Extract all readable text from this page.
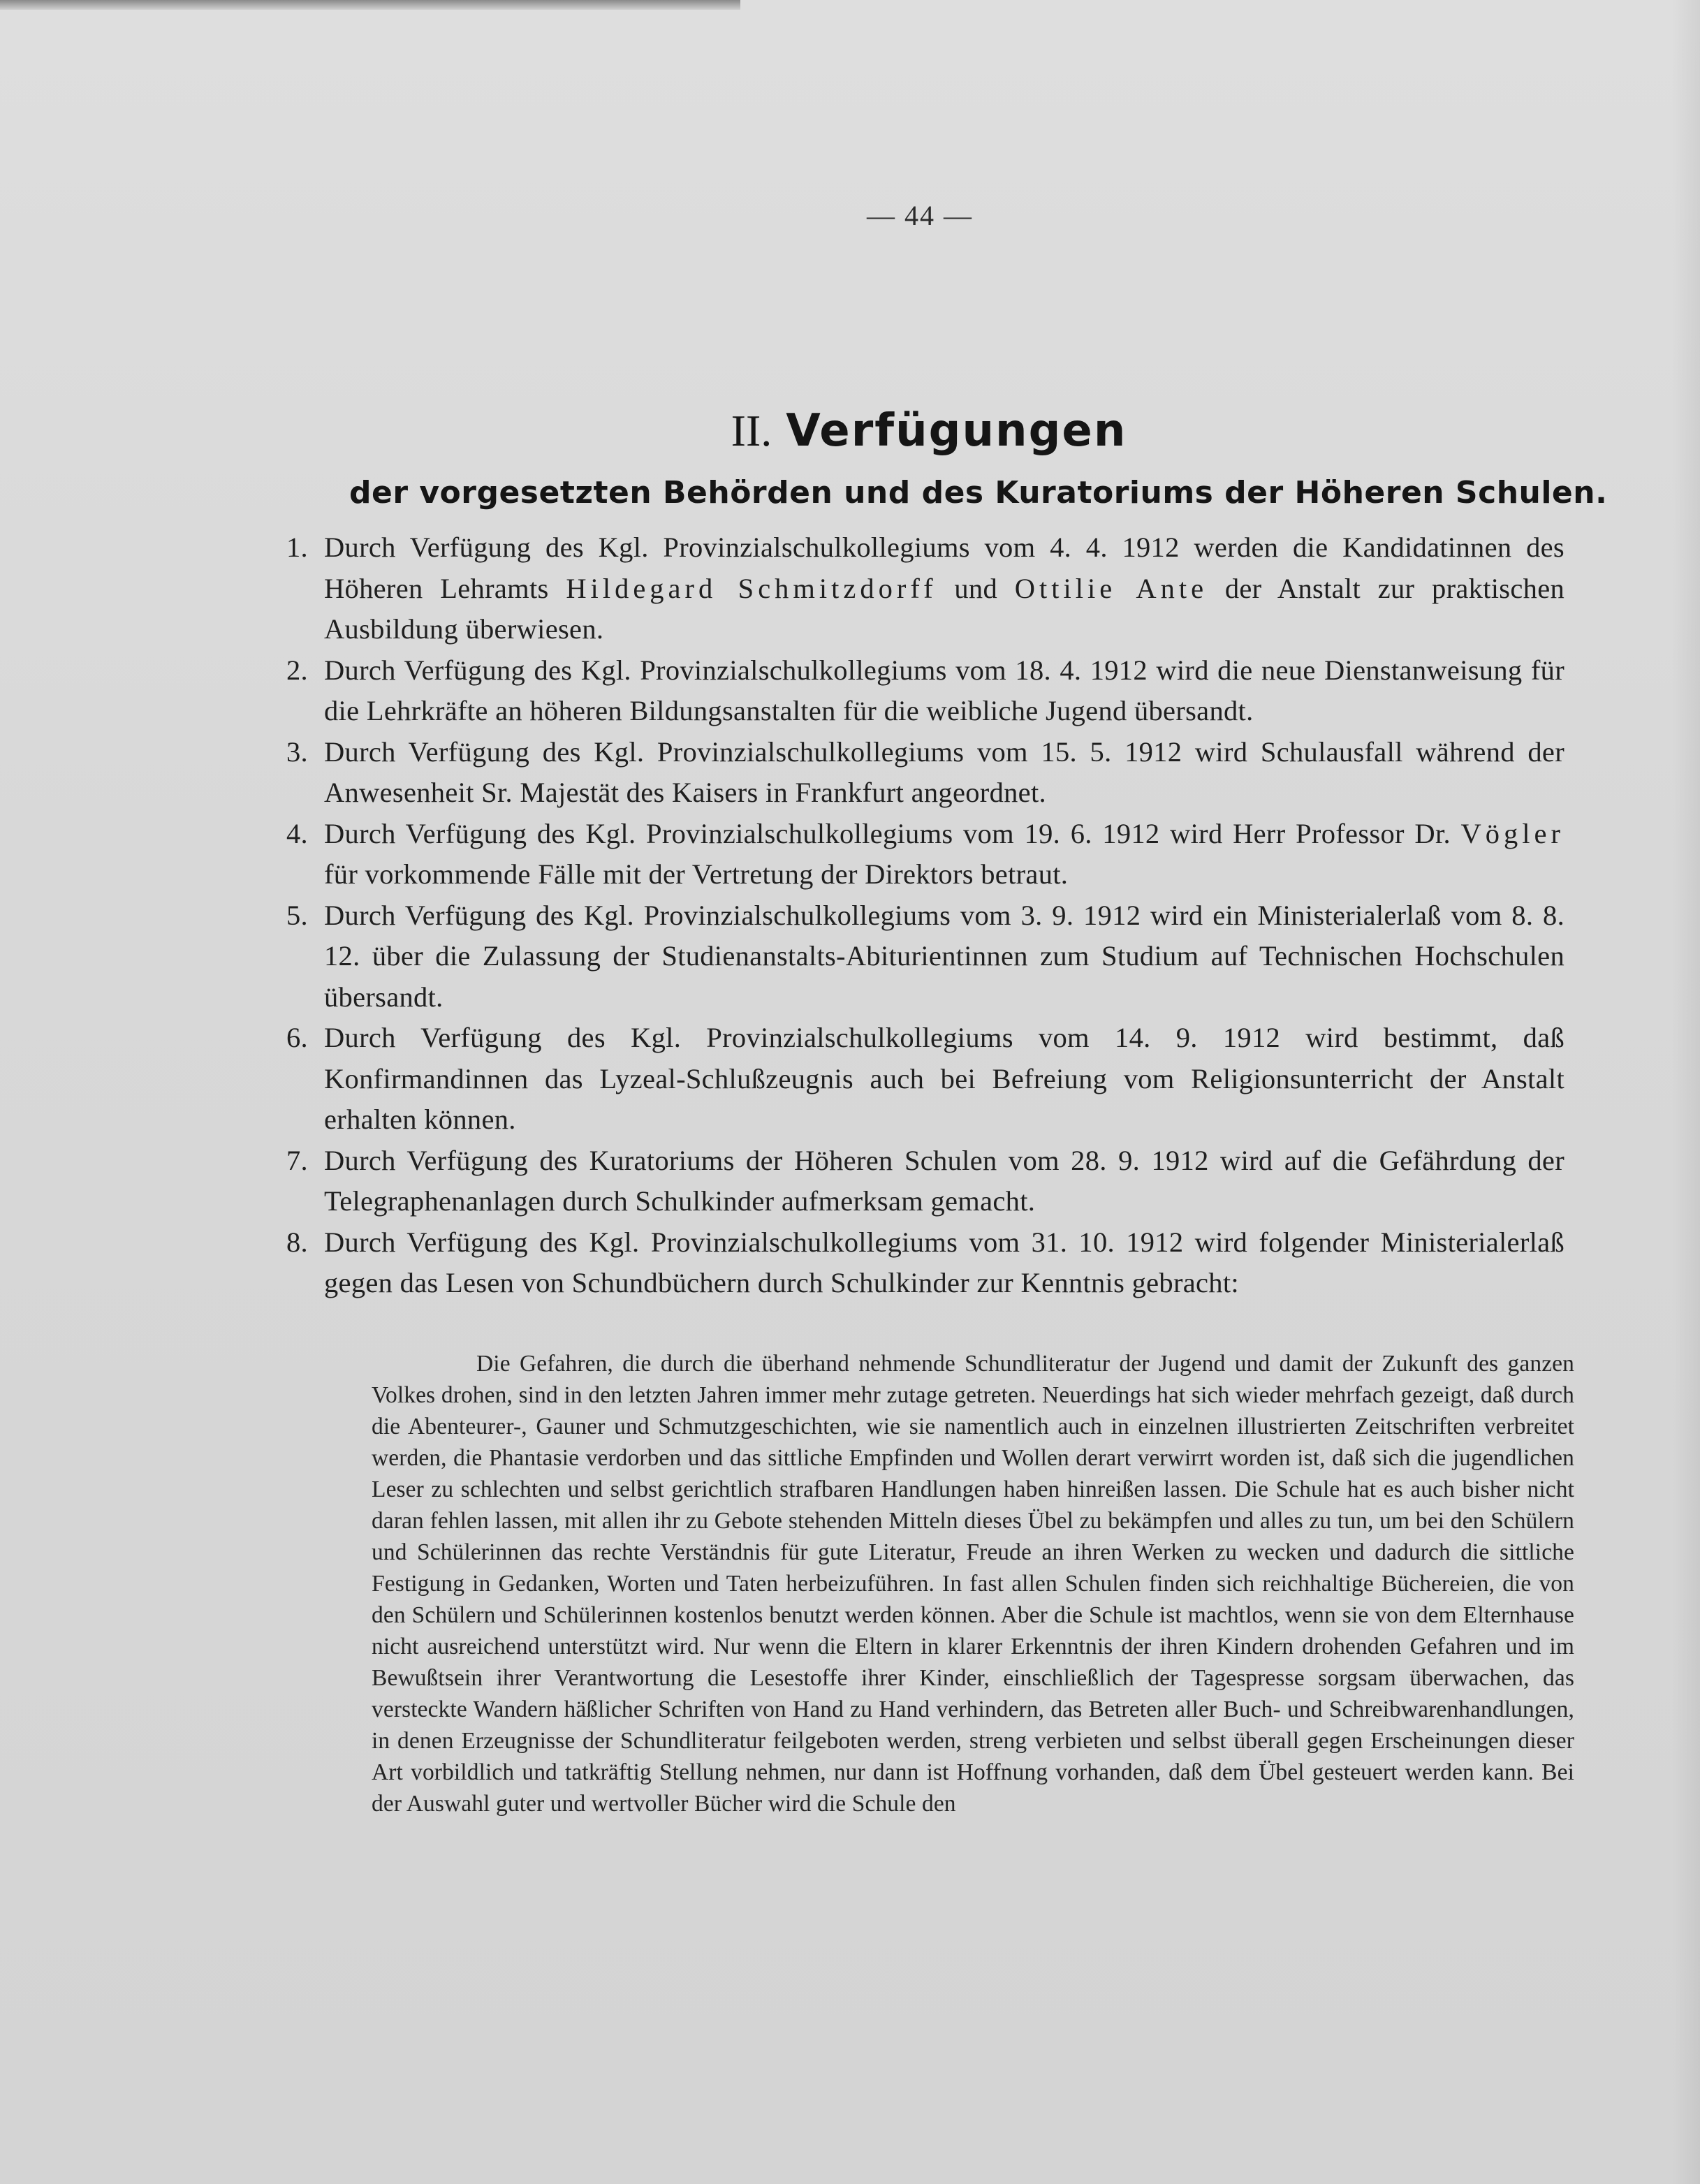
— 44 —
II. Verfügungen
der vorgesetzten Behörden und des Kuratoriums der Höheren Schulen.
1. Durch Verfügung des Kgl. Provinzialschulkollegiums vom 4. 4. 1912 werden die Kandidatinnen des Höheren Lehramts Hildegard Schmitzdorff und Ottilie Ante der Anstalt zur praktischen Ausbildung überwiesen.
2. Durch Verfügung des Kgl. Provinzialschulkollegiums vom 18. 4. 1912 wird die neue Dienstanweisung für die Lehrkräfte an höheren Bildungsanstalten für die weibliche Jugend übersandt.
3. Durch Verfügung des Kgl. Provinzialschulkollegiums vom 15. 5. 1912 wird Schulausfall während der Anwesenheit Sr. Majestät des Kaisers in Frankfurt angeordnet.
4. Durch Verfügung des Kgl. Provinzialschulkollegiums vom 19. 6. 1912 wird Herr Professor Dr. Vögler für vorkommende Fälle mit der Vertretung der Direktors betraut.
5. Durch Verfügung des Kgl. Provinzialschulkollegiums vom 3. 9. 1912 wird ein Ministerialerlaß vom 8. 8. 12. über die Zulassung der Studienanstalts-Abiturientinnen zum Studium auf Technischen Hochschulen übersandt.
6. Durch Verfügung des Kgl. Provinzialschulkollegiums vom 14. 9. 1912 wird bestimmt, daß Konfirmandinnen das Lyzeal-Schlußzeugnis auch bei Befreiung vom Religionsunterricht der Anstalt erhalten können.
7. Durch Verfügung des Kuratoriums der Höheren Schulen vom 28. 9. 1912 wird auf die Gefährdung der Telegraphenanlagen durch Schulkinder aufmerksam gemacht.
8. Durch Verfügung des Kgl. Provinzialschulkollegiums vom 31. 10. 1912 wird folgender Ministerialerlaß gegen das Lesen von Schundbüchern durch Schulkinder zur Kenntnis gebracht:
Die Gefahren, die durch die überhand nehmende Schundliteratur der Jugend und damit der Zukunft des ganzen Volkes drohen, sind in den letzten Jahren immer mehr zutage getreten. Neuerdings hat sich wieder mehrfach gezeigt, daß durch die Abenteurer-, Gauner und Schmutzgeschichten, wie sie namentlich auch in einzelnen illustrierten Zeitschriften verbreitet werden, die Phantasie verdorben und das sittliche Empfinden und Wollen derart verwirrt worden ist, daß sich die jugendlichen Leser zu schlechten und selbst gerichtlich strafbaren Handlungen haben hinreißen lassen. Die Schule hat es auch bisher nicht daran fehlen lassen, mit allen ihr zu Gebote stehenden Mitteln dieses Übel zu bekämpfen und alles zu tun, um bei den Schülern und Schülerinnen das rechte Verständnis für gute Literatur, Freude an ihren Werken zu wecken und dadurch die sittliche Festigung in Gedanken, Worten und Taten herbeizuführen. In fast allen Schulen finden sich reichhaltige Büchereien, die von den Schülern und Schülerinnen kostenlos benutzt werden können. Aber die Schule ist machtlos, wenn sie von dem Elternhause nicht ausreichend unterstützt wird. Nur wenn die Eltern in klarer Erkenntnis der ihren Kindern drohenden Gefahren und im Bewußtsein ihrer Verantwortung die Lesestoffe ihrer Kinder, einschließlich der Tagespresse sorgsam überwachen, das versteckte Wandern häßlicher Schriften von Hand zu Hand verhindern, das Betreten aller Buch- und Schreibwarenhandlungen, in denen Erzeugnisse der Schundliteratur feilgeboten werden, streng verbieten und selbst überall gegen Erscheinungen dieser Art vorbildlich und tatkräftig Stellung nehmen, nur dann ist Hoffnung vorhanden, daß dem Übel gesteuert werden kann. Bei der Auswahl guter und wertvoller Bücher wird die Schule den
